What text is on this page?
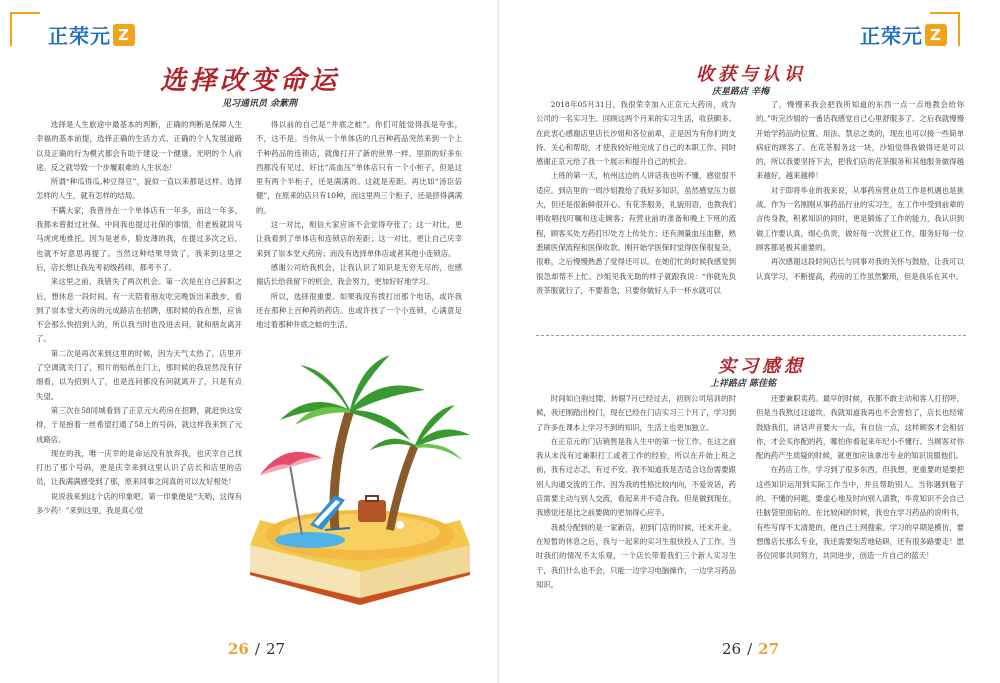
正荣元 Z
选择改变命运
见习通讯员 余紫荆

选择是人生旅途中最基本的判断，正确的判断是保障人生幸福的基本前提，选择正确的生活方式、正确的个人发展道路以及正确的行为模式都会有助于建设一个健康、光明的个人前途。反之就导致一个步履艰难的人生状态！

所谓“种瓜得瓜,种豆得豆”，貌似一直以来都是这样。选择怎样的人生，就有怎样的结局。

不瞒大家，我曾待在一个单体店有一年多，而这一年多，我都未曾报过社保。中间我也提过社保的事情，但老板就说马马虎虎地推托。因为是老乡，脸皮薄的我，在提过多次之后，也就不好意思再提了。当然这种结果导致了，我来到这里之后，店长想让我先考初级药师，都考不了。

来这里之前，我错失了两次机会。第一次是在自己辞职之后，想休息一段时间。有一天陪着朋友吃完晚饭出来散步，看到了崇本堂大药房的元成路店在招聘，那时候的我在想，应该不会那么快招到人的，所以我当时也没进去问，就和朋友离开了。

第二次是再次来到这里的时候，因为天气太热了，店里开了空调就关门了，照片的贴纸在门上，那时候的我居然没有仔细看，以为招到人了，也是连问都没有问就离开了，只是有点失望。

第三次在58同城看到了正京元大药房在招聘，就赶快这安排，于是抱着一丝希望打通了58上的号码，就这样我来到了元成路店。

现在的我，唯一庆幸的是命运没有放弃我，也庆幸自己找打出了那个号码，更是庆幸来到这里认识了店长和店里的店员，让我满满感受到了那，原来同事之间真的可以友好相处！

说说我来到这个店的印象吧。第一印象便是“天哟，这得有多少药！”来到这里，我是真心觉

得以前的自己是“井底之蛙”。你们可能觉得我是夸张，不，这不是。当你从一个单体店的几百种药品突然来到一个上千种药品的连锁店，就像打开了新的世界一样，里面的好多东西都没有见过，好比“高血压”单体店只有一个小柜子，但是这里有两个半柜子，还是满满的。这就是差距。再比如“汤臣倍健”，在原来的店只有10种，而这里两三个柜子，还是挤得满满的。

这一对比，相信大家应该不会觉得夸张了；这一对比，更让我看到了单体店和连锁店的差距；这一对比，更让自己庆幸来到了崇本堂大药房；而没有选择单体店或者其他小连锁店。

感谢公司给我机会，让我认识了知识是无穷无尽的，也感谢店长给我留下的机会，我会努力，更加好好地学习。

所以，选择很重要。如果我没有拨打出那个电话，或许我还在那种上百种药的药店。也或许找了一个小连锁，心满意足地过着那种井底之蛙的生活。

26 / 27
正荣元 Z
收获与认识
庆星路店 辛梅

2018年05月31日，我很荣幸加入正京元大药房，成为公司的一名实习生。回顾这两个月来的实习生活，收获颇多。在此衷心感谢店里店长沙姐和各位前辈，正是因为有你们的支持、关心和帮助，才使我较好地完成了自己的本职工作。同时感谢正京元给了我一个展示和提升自己的机会。

上班的第一天，杭州这边的人讲话我也听不懂，感觉很不适应。到店里的一周沙姐教给了我好多知识，虽然感觉压力很大，但还是很新鲜很开心。有花茶服务，礼貌用语，也教我们唱收唱找叮嘱和送走顾客；有营业前的准备和晚上下班的流程，顾客买处方药打印处方上传处方；还有测量血压血糖，熟悉刷医保流程和医保收款。刚开始学医保时觉得医保很复杂，很难，之后慢慢熟悉了觉得还可以。在她们忙的时候我感觉到很急却帮不上忙。沙姐见我无助的样子就跟我说：“你就先负责茶服就行了，不要着急，只要你做好人手一杯水就可以

了，慢慢来我会把我所知道的东西一点一点地教会给你的。”听完沙姐的一番话我感觉自己心里舒服多了。之后我就慢慢开始学药品的位置、用法、禁忌之类的，现在也可以接一些简单病症的顾客了。在花茶服务这一块，沙姐觉得我做得还是可以的，所以我要坚持下去，把我们店的花茶服务和其他服务做得越来越好，越来越棒！

对于即将毕业的我来说，从事药房营业员工作是机遇也是挑战。作为一名刚刚从事药品行业的实习生，在工作中受到前辈的言传身教，积累知识的同时，更是锻炼了工作的能力，我认识到做工作要认真，细心负责，做好每一次营业工作，服务好每一位顾客都是极其重要的。

再次感谢这段时间店长与同事对我的关怀与鼓励，让我可以认真学习，不断提高，药房的工作虽然繁琐，但是我乐在其中。

实习感想
上祥路店 陈佳铭

时间如白驹过隙，转眼7月已经过去，初到公司培训的时候，我还刚踏出校门，现在已经在门店实习三个月了，学习到了许多在课本上学习不到的知识，生活上也更加独立。

在正京元的门店销售是我人生中的第一份工作。在这之前我从未没有过兼职打工或者工作的经验，所以在开始上班之前，我有过忐忑，有过不安。我不知道我是否适合这份需要跟别人沟通交流的工作。因为我的性格比较内向，不爱说话，药店需要主动与别人交流，看起来并不适合我。但是做到现在，我感觉还是比之前要做的更加得心应手。

我被分配到的是一家新店，初到门店的时候，还未开业。在短暂的休息之后，我与一起来的实习生很快投入了工作。当时我们的情况不太乐观，一个店长带着我们三个新人实习生干，我们什么也不会，只能一边学习电脑操作，一边学习药品知识，

还要兼职卖药。最早的时候，我都不敢主动和客人打招呼，但是当我熬过这道坎，我就知道我再也不会害怕了，店长也经常鼓励我们，讲话声音要大一点，有自信一点，这样顾客才会相信你，才会买你配的药，哪怕你看起来年纪小不懂行。当顾客对你配的药产生质疑的时候，就更加应该拿出专业的知识说服他们。

在药店工作，学习到了很多东西，但我想，更重要的是要把这些知识运用到实际工作当中，并且帮助别人。当你遇到瓶子的、不懂的问题，要虚心地及时向别人请教，毕竟知识不会自己往脑袋里面钻的。在比较闲的时候，我也在学习药品的说明书，有些写得不太清楚的，便自己上网搜索。学习的早期是模仿，要想像店长那么专业，我还需要刻苦地钻研，还有很多路要走！愿各位同事共同努力，共同进步，创造一片自己的蓝天！

26 / 27
